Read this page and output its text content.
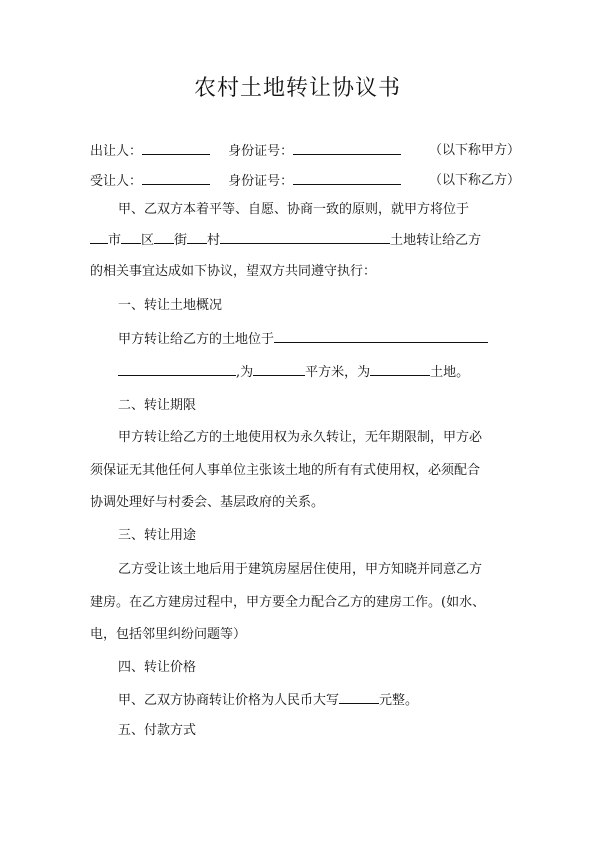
农村土地转让协议书
出让人：	身份证号：	（以下称甲方）
受让人：	身份证号：	（以下称乙方）
甲、乙双方本着平等、自愿、协商一致的原则，就甲方将位于
市 区 街 村	土地转让给乙方
的相关事宜达成如下协议，望双方共同遵守执行：
一、转让土地概况
甲方转让给乙方的土地位于
,为	平方米，为	土地。
二、转让期限
甲方转让给乙方的土地使用权为永久转让，无年期限制，甲方必
须保证无其他任何人事单位主张该土地的所有有式使用权，必须配合
协调处理好与村委会、基层政府的关系。
三、转让用途
乙方受让该土地后用于建筑房屋居住使用，甲方知晓并同意乙方
建房。在乙方建房过程中，甲方要全力配合乙方的建房工作。(如水、
电，包括邻里纠纷问题等）
四、转让价格
甲、乙双方协商转让价格为人民币大写	元整。
五、付款方式
